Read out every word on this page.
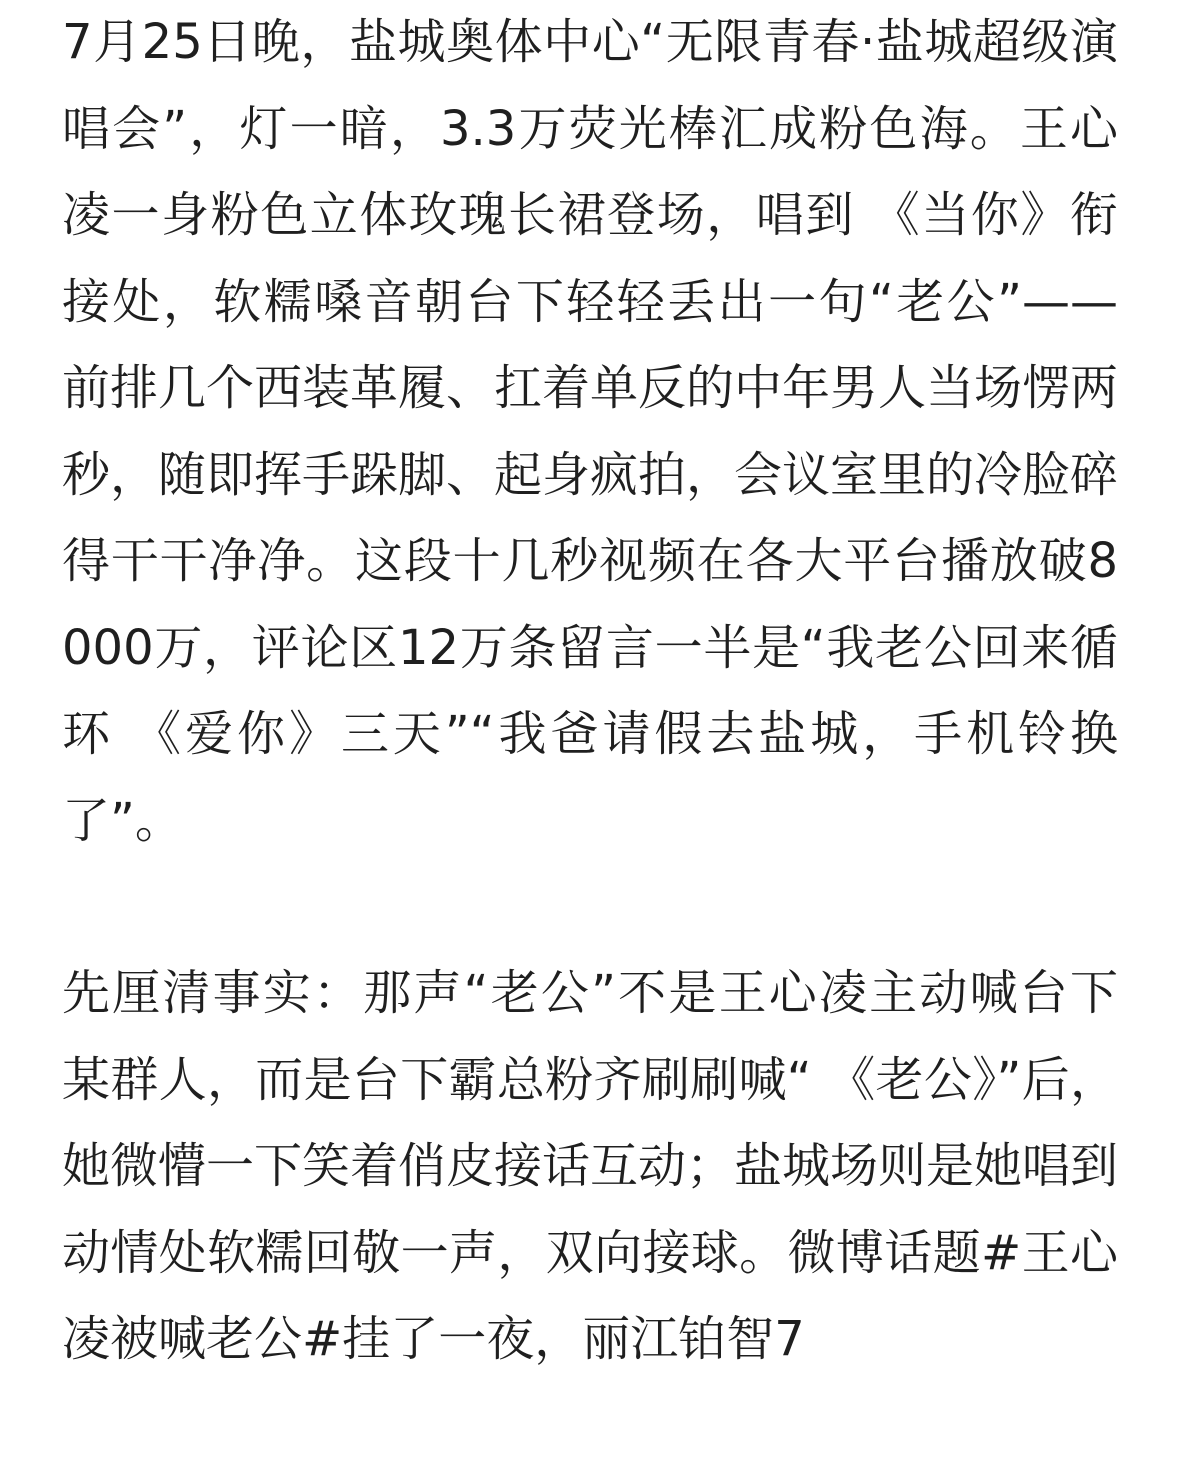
7月25日晚，盐城奥体中心“无限青春·盐城超级演唱会”，灯一暗，3.3万荧光棒汇成粉色海。王心凌一身粉色立体玫瑰长裙登场，唱到 《当你》衔接处，软糯嗓音朝台下轻轻丢出一句“老公”——前排几个西装革履、扛着单反的中年男人当场愣两秒，随即挥手跺脚、起身疯拍，会议室里的冷脸碎得干干净净。这段十几秒视频在各大平台播放破8000万，评论区12万条留言一半是“我老公回来循环 《爱你》三天”“我爸请假去盐城，手机铃换了”。

先厘清事实：那声“老公”不是王心凌主动喊台下某群人，而是台下霸总粉齐刷刷喊“ 《老公》”后，她微懵一下笑着俏皮接话互动；盐城场则是她唱到动情处软糯回敬一声，双向接球。微博话题#王心凌被喊老公#挂了一夜，丽江铂智7
